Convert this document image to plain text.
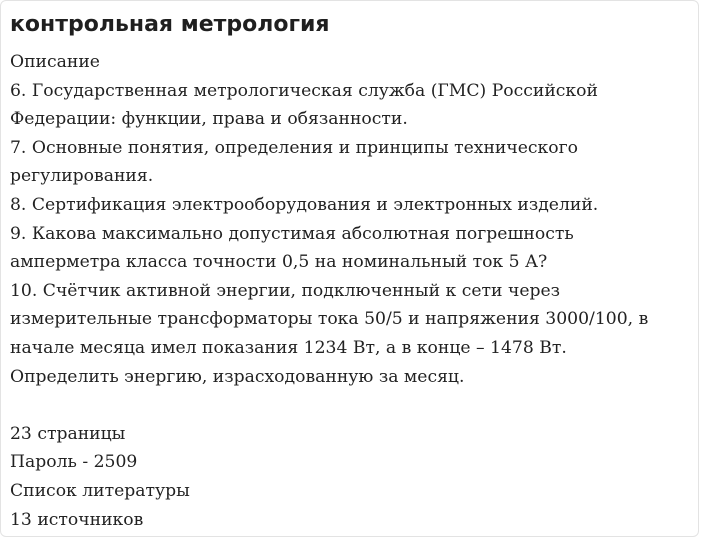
контрольная метрология
Описание
6. Государственная метрологическая служба (ГМС) Российской
Федерации: функции, права и обязанности.
7. Основные понятия, определения и принципы технического
регулирования.
8. Сертификация электрооборудования и электронных изделий.
9. Какова максимально допустимая абсолютная погрешность
амперметра класса точности 0,5 на номинальный ток 5 А?
10. Счётчик активной энергии, подключенный к сети через
измерительные трансформаторы тока 50/5 и напряжения 3000/100, в
начале месяца имел показания 1234 Вт, а в конце – 1478 Вт.
Определить энергию, израсходованную за месяц.
23 страницы
Пароль - 2509
Список литературы
13 источников
